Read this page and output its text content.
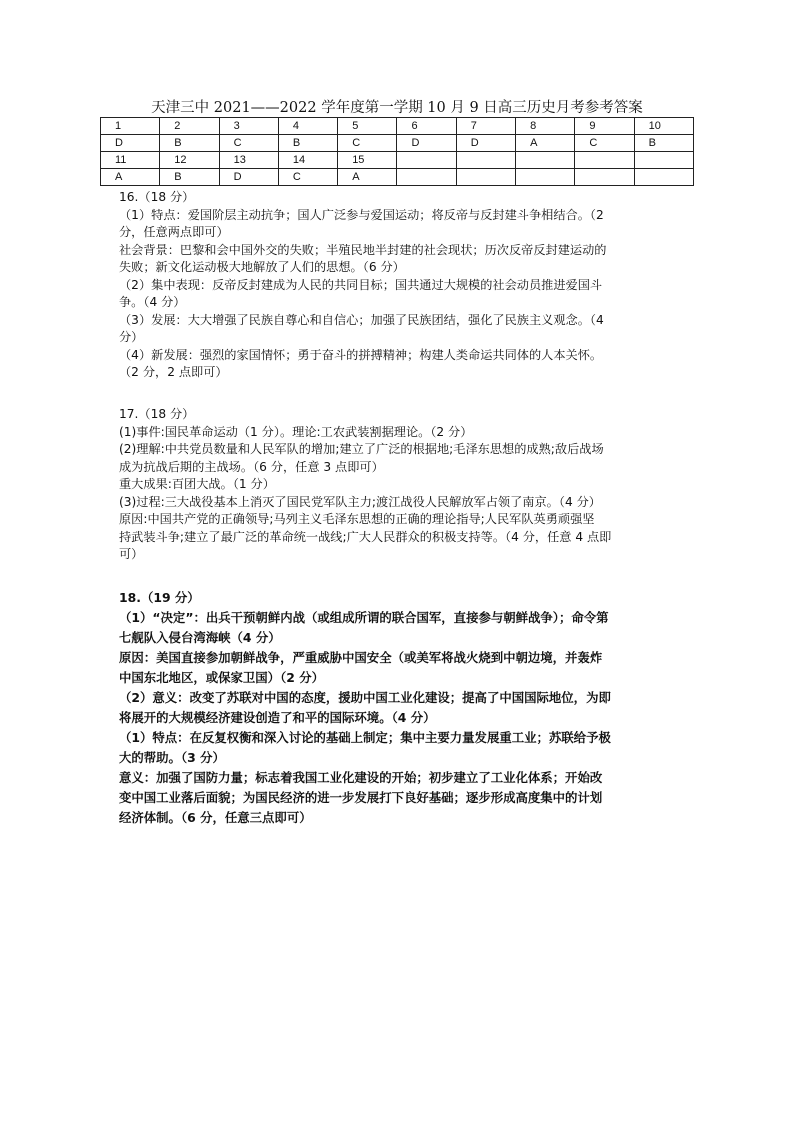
天津三中 2021——2022 学年度第一学期 10 月 9 日高三历史月考参考答案
1	2	3	4	5	6	7	8	9	10
D	B	C	B	C	D	D	A	C	B
11	12	13	14	15					
A	B	D	C	A					

16.（18 分）

（1）特点：爱国阶层主动抗争；国人广泛参与爱国运动；将反帝与反封建斗争相结合。（2

分，任意两点即可）

社会背景：巴黎和会中国外交的失败；半殖民地半封建的社会现状；历次反帝反封建运动的

失败；新文化运动极大地解放了人们的思想。（6 分）

（2）集中表现：反帝反封建成为人民的共同目标；国共通过大规模的社会动员推进爱国斗

争。（4 分）

（3）发展：大大增强了民族自尊心和自信心；加强了民族团结，强化了民族主义观念。（4

分）

（4）新发展：强烈的家国情怀；勇于奋斗的拼搏精神；构建人类命运共同体的人本关怀。

（2 分，2 点即可）

17.（18 分）

(1)事件:国民革命运动（1 分）。理论:工农武装割据理论。（2 分）

(2)理解:中共党员数量和人民军队的增加;建立了广泛的根据地;毛泽东思想的成熟;敌后战场

成为抗战后期的主战场。（6 分，任意 3 点即可）

重大成果:百团大战。（1 分）

(3)过程:三大战役基本上消灭了国民党军队主力;渡江战役人民解放军占领了南京。（4 分）

原因:中国共产党的正确领导;马列主义毛泽东思想的正确的理论指导;人民军队英勇顽强坚

持武装斗争;建立了最广泛的革命统一战线;广大人民群众的积极支持等。（4 分，任意 4 点即

可）

18.（19 分）

（1）“决定”：出兵干预朝鲜内战（或组成所谓的联合国军，直接参与朝鲜战争）；命令第

七舰队入侵台湾海峡（4 分）

原因：美国直接参加朝鲜战争，严重威胁中国安全（或美军将战火烧到中朝边境，并轰炸

中国东北地区，或保家卫国）（2 分）

（2）意义：改变了苏联对中国的态度，援助中国工业化建设；提高了中国国际地位，为即

将展开的大规模经济建设创造了和平的国际环境。（4 分）

（1）特点：在反复权衡和深入讨论的基础上制定；集中主要力量发展重工业；苏联给予极

大的帮助。（3 分）

意义：加强了国防力量；标志着我国工业化建设的开始；初步建立了工业化体系；开始改

变中国工业落后面貌；为国民经济的进一步发展打下良好基础；逐步形成高度集中的计划

经济体制。（6 分，任意三点即可）
